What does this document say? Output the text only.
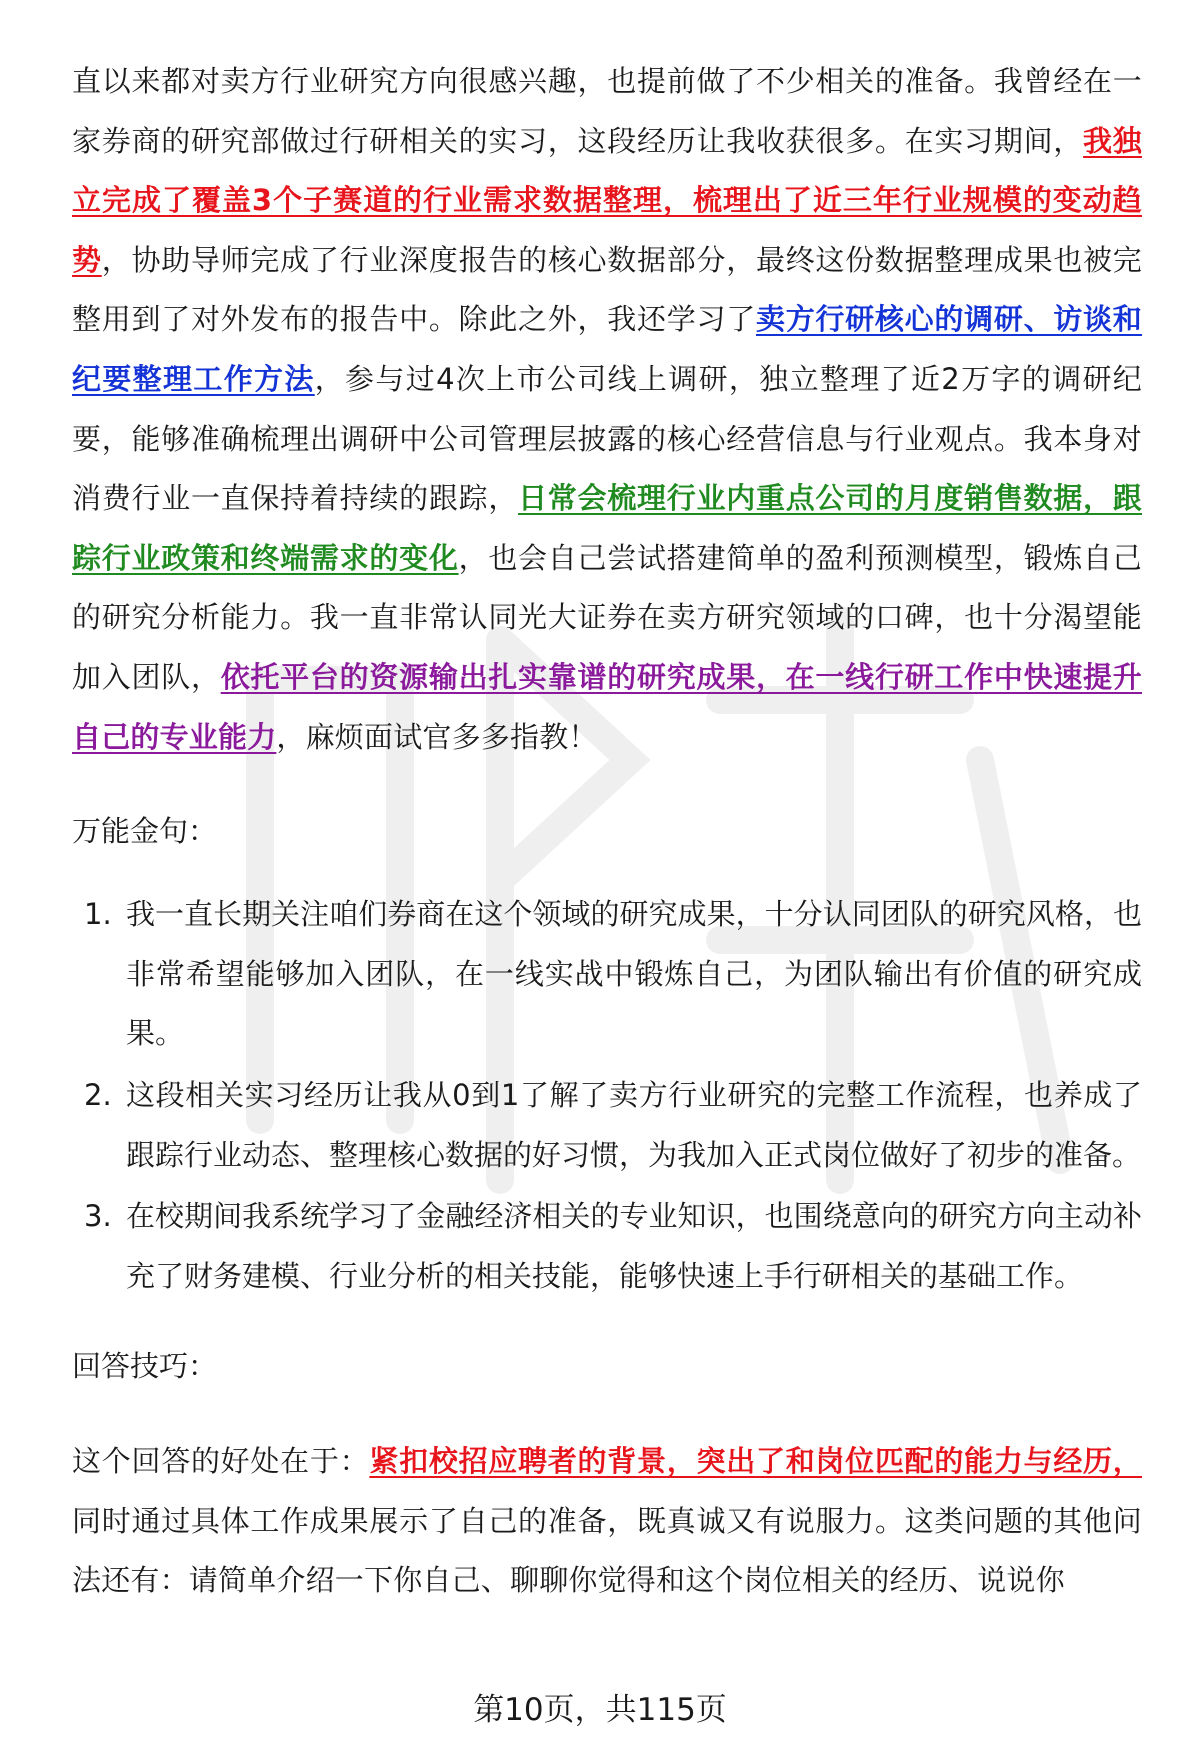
直以来都对卖方行业研究方向很感兴趣，也提前做了不少相关的准备。我曾经在一家券商的研究部做过行研相关的实习，这段经历让我收获很多。在实习期间，我独立完成了覆盖3个子赛道的行业需求数据整理，梳理出了近三年行业规模的变动趋势，协助导师完成了行业深度报告的核心数据部分，最终这份数据整理成果也被完整用到了对外发布的报告中。除此之外，我还学习了卖方行研核心的调研、访谈和纪要整理工作方法，参与过4次上市公司线上调研，独立整理了近2万字的调研纪要，能够准确梳理出调研中公司管理层披露的核心经营信息与行业观点。我本身对消费行业一直保持着持续的跟踪，日常会梳理行业内重点公司的月度销售数据，跟踪行业政策和终端需求的变化，也会自己尝试搭建简单的盈利预测模型，锻炼自己的研究分析能力。我一直非常认同光大证券在卖方研究领域的口碑，也十分渴望能加入团队，依托平台的资源输出扎实靠谱的研究成果，在一线行研工作中快速提升自己的专业能力，麻烦面试官多多指教！

万能金句：

1. 我一直长期关注咱们券商在这个领域的研究成果，十分认同团队的研究风格，也非常希望能够加入团队，在一线实战中锻炼自己，为团队输出有价值的研究成果。
2. 这段相关实习经历让我从0到1了解了卖方行业研究的完整工作流程，也养成了跟踪行业动态、整理核心数据的好习惯，为我加入正式岗位做好了初步的准备。
3. 在校期间我系统学习了金融经济相关的专业知识，也围绕意向的研究方向主动补充了财务建模、行业分析的相关技能，能够快速上手行研相关的基础工作。

回答技巧：

这个回答的好处在于：紧扣校招应聘者的背景，突出了和岗位匹配的能力与经历，同时通过具体工作成果展示了自己的准备，既真诚又有说服力。这类问题的其他问法还有：请简单介绍一下你自己、聊聊你觉得和这个岗位相关的经历、说说你

第10页，共115页
